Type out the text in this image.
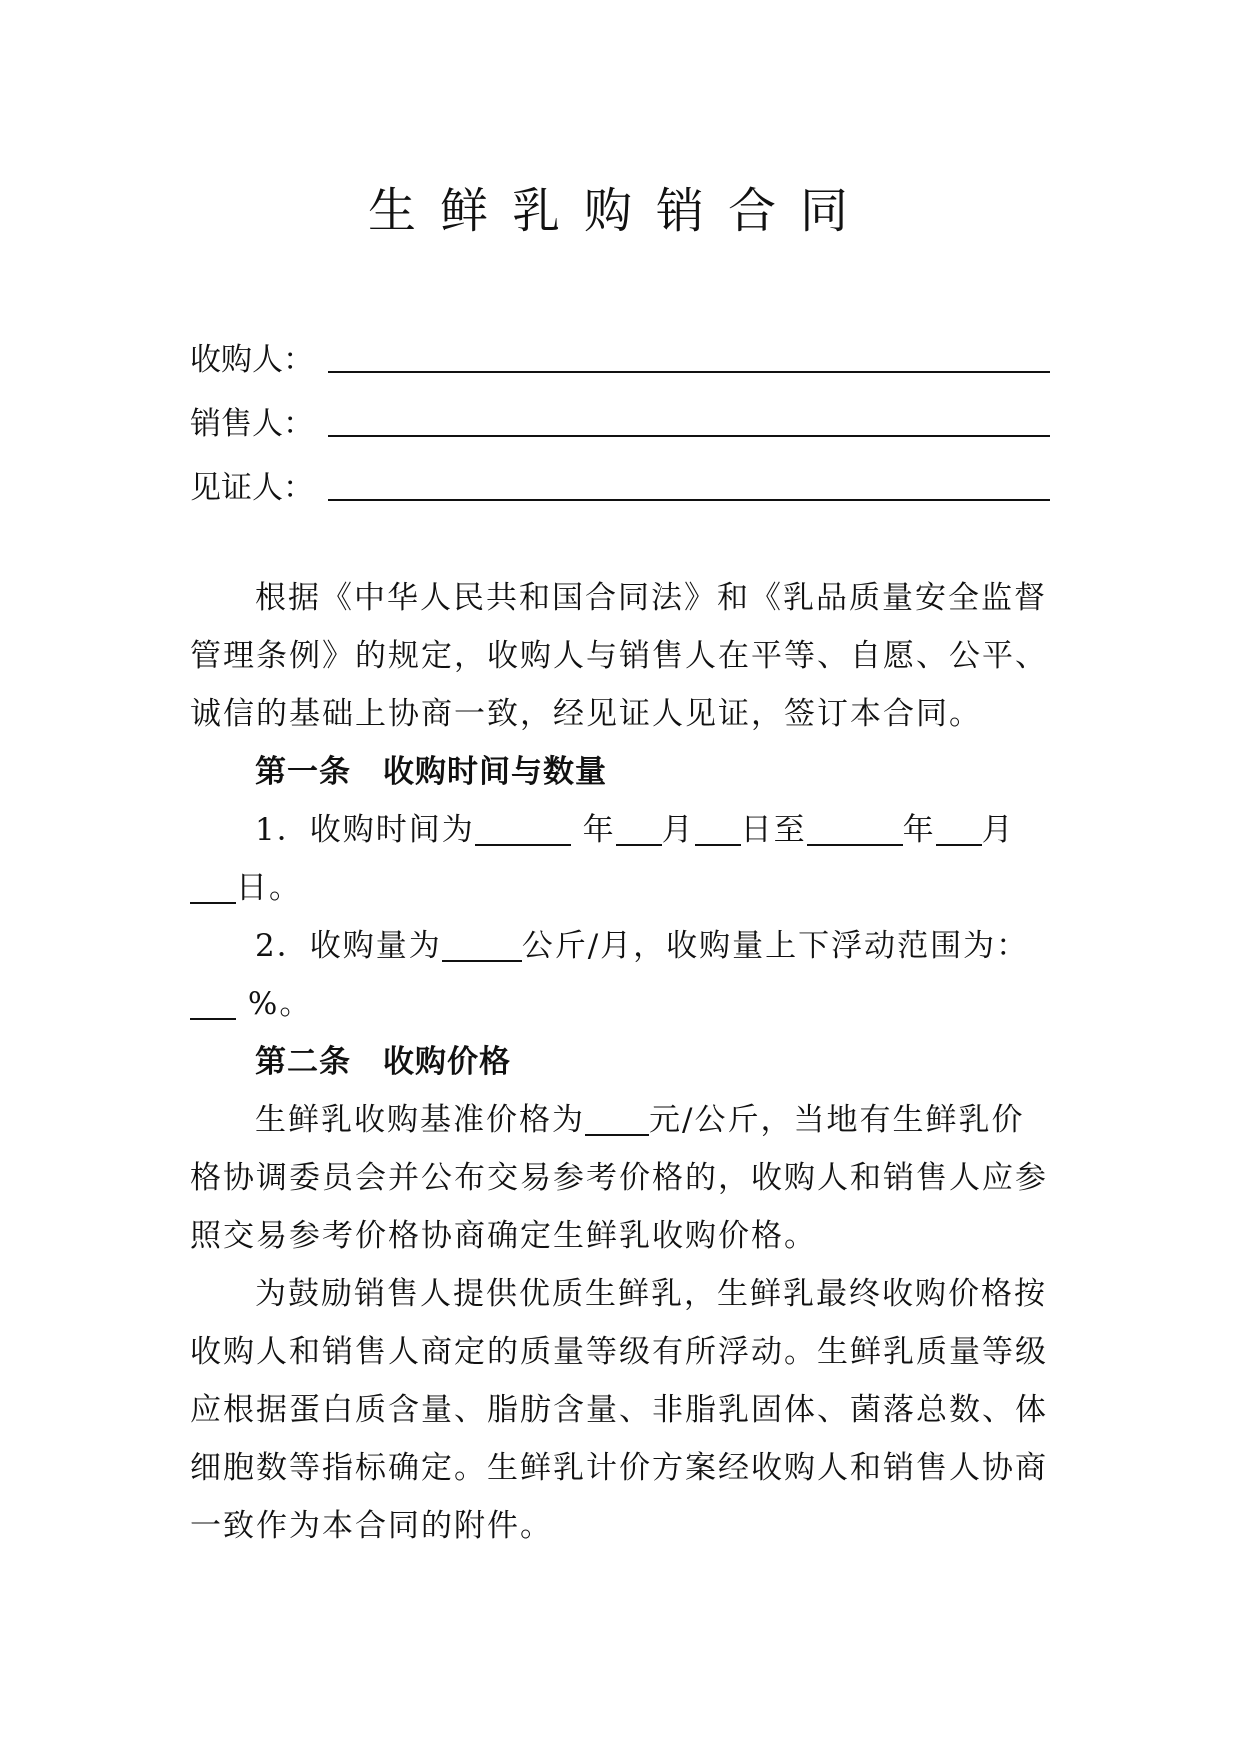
生鲜乳购销合同
收购人：
销售人：
见证人：
根据《中华人民共和国合同法》和《乳品质量安全监督
管理条例》的规定，收购人与销售人在平等、自愿、公平、
诚信的基础上协商一致，经见证人见证，签订本合同。
第一条　收购时间与数量
1．收购时间为	年 月 日至	年 月
日。
2．收购量为	公斤/月，收购量上下浮动范围为：
%。
第二条　收购价格
生鲜乳收购基准价格为 元/公斤，当地有生鲜乳价
格协调委员会并公布交易参考价格的，收购人和销售人应参
照交易参考价格协商确定生鲜乳收购价格。
为鼓励销售人提供优质生鲜乳，生鲜乳最终收购价格按
收购人和销售人商定的质量等级有所浮动。生鲜乳质量等级
应根据蛋白质含量、脂肪含量、非脂乳固体、菌落总数、体
细胞数等指标确定。生鲜乳计价方案经收购人和销售人协商
一致作为本合同的附件。
